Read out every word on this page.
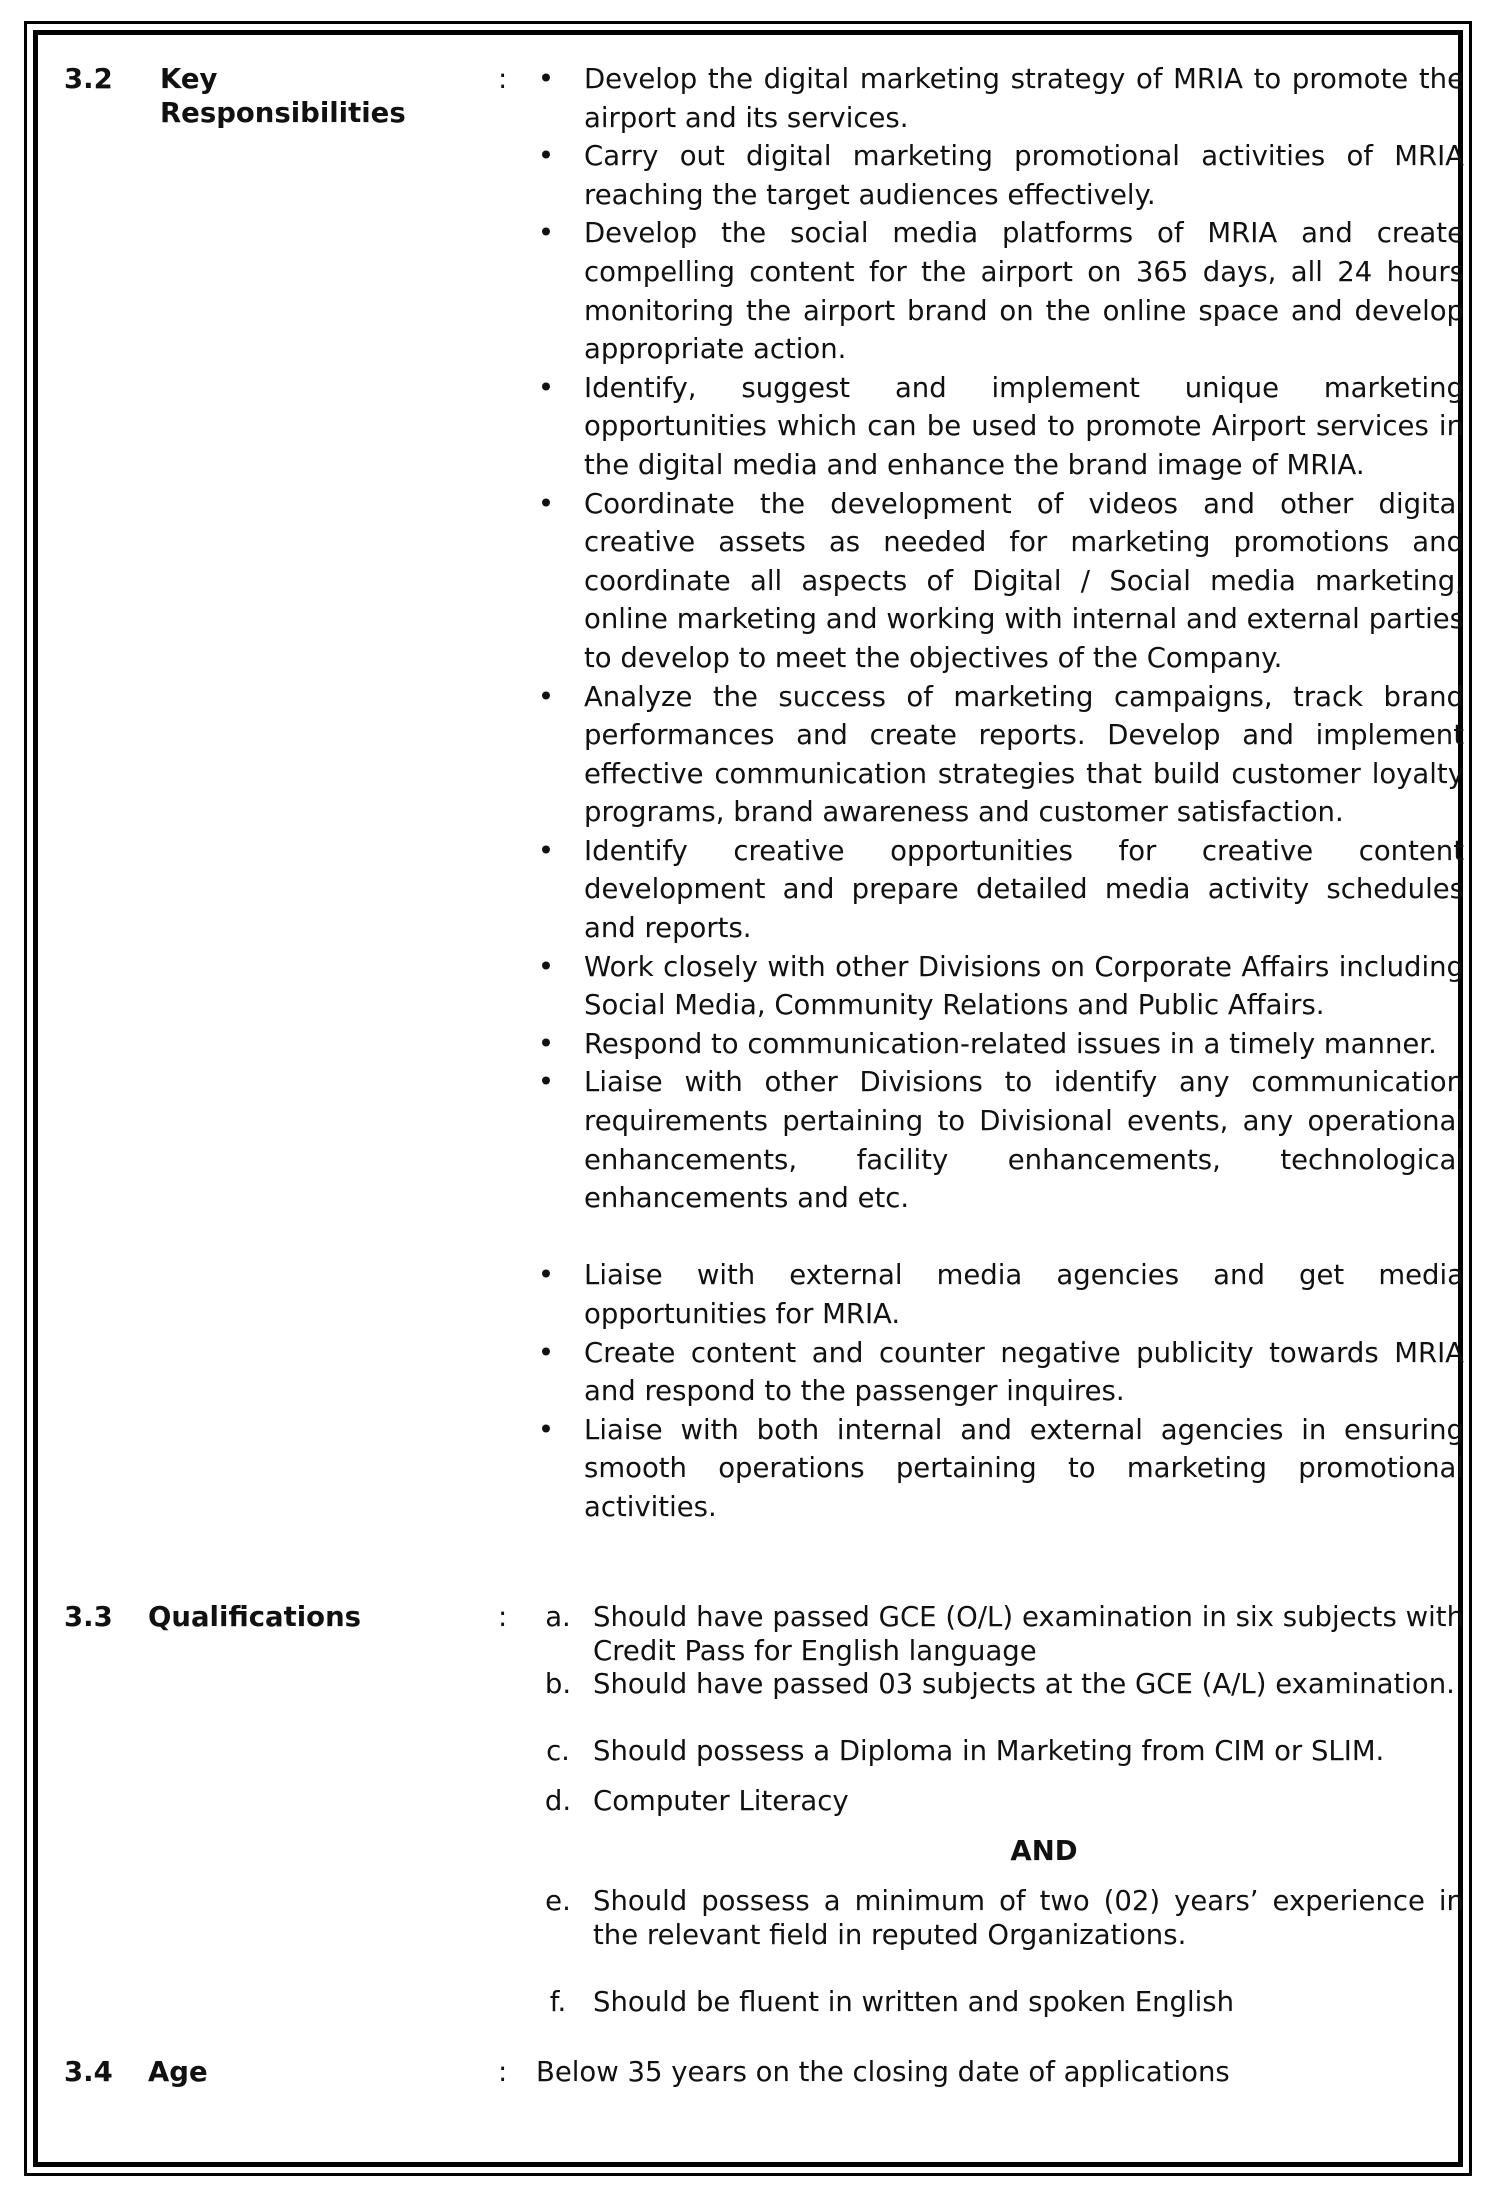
3.2 Key
Responsibilities
:
•	Develop the digital marketing strategy of MRIA to promote the airport and its services.
•
Carry out digital marketing promotional activities of MRIA reaching the target audiences effectively.
•
Develop the social media platforms of MRIA and create compelling content for the airport on 365 days, all 24 hours monitoring the airport brand on the online space and develop appropriate action.
•
Identify, suggest and implement unique marketing opportunities which can be used to promote Airport services in the digital media and enhance the brand image of MRIA.
•
Coordinate the development of videos and other digital creative assets as needed for marketing promotions and coordinate all aspects of Digital / Social media marketing, online marketing and working with internal and external parties to develop to meet the objectives of the Company.
•
Analyze the success of marketing campaigns, track brand performances and create reports. Develop and implement effective communication strategies that build customer loyalty programs, brand awareness and customer satisfaction.
•
Identify creative opportunities for creative content development and prepare detailed media activity schedules and reports.
•
Work closely with other Divisions on Corporate Affairs including Social Media, Community Relations and Public Affairs.
•
Respond to communication-related issues in a timely manner.
•
Liaise with other Divisions to identify any communication requirements pertaining to Divisional events, any operational enhancements, facility enhancements, technological enhancements and etc.
•
Liaise with external media agencies and get media opportunities for MRIA.
•
Create content and counter negative publicity towards MRIA and respond to the passenger inquires.
•
Liaise with both internal and external agencies in ensuring smooth operations pertaining to marketing promotional activities.
3.3 Qualifications	:	a. Should have passed GCE (O/L) examination in six subjects with Credit Pass for English language
b. Should have passed 03 subjects at the GCE (A/L) examination.
c. Should possess a Diploma in Marketing from CIM or SLIM.
d. Computer Literacy
AND
e. Should possess a minimum of two (02) years’ experience in the relevant field in reputed Organizations.
f. Should be fluent in written and spoken English
3.4 Age	: Below 35 years on the closing date of applications
